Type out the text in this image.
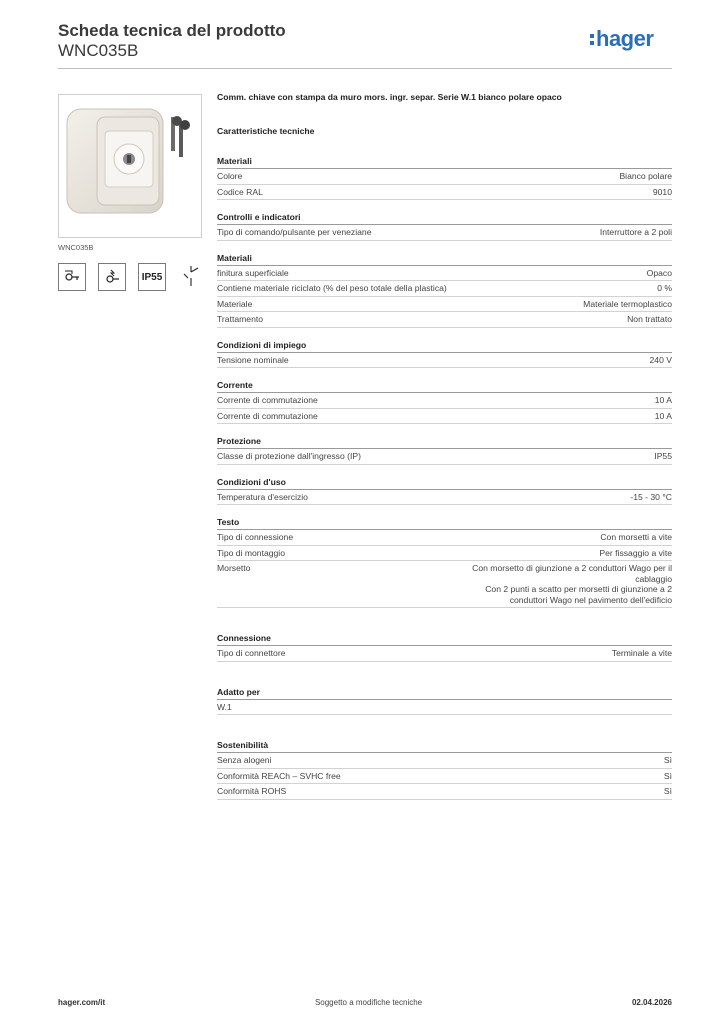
Scheda tecnica del prodotto
WNC035B	hager
WNC035B
IP55
Comm. chiave con stampa da muro mors. ingr. separ. Serie W.1 bianco polare opaco
Caratteristiche tecniche
Materiali
Colore	Bianco polare
Codice RAL	9010
Controlli e indicatori
Tipo di comando/pulsante per veneziane	Interruttore a 2 poli
Materiali
finitura superficiale	Opaco
Contiene materiale riciclato (% del peso totale della plastica)	0 %
Materiale	Materiale termoplastico
Trattamento	Non trattato
Condizioni di impiego
Tensione nominale	240 V
Corrente
Corrente di commutazione	10 A
Corrente di commutazione	10 A
Protezione
Classe di protezione dall'ingresso (IP)	IP55
Condizioni d'uso
Temperatura d'esercizio	-15 - 30 °C
Testo
Tipo di connessione	Con morsetti a vite
Tipo di montaggio	Per fissaggio a vite
Morsetto	Con morsetto di giunzione a 2 conduttori Wago per il cablaggio
Con 2 punti a scatto per morsetti di giunzione a 2 conduttori Wago nel pavimento dell'edificio
Connessione
Tipo di connettore	Terminale a vite
Adatto per
W.1
Sostenibilità
Senza alogeni	Sì
Conformità REACh – SVHC free	Sì
Conformità ROHS	Sì
hager.com/it	Soggetto a modifiche tecniche	02.04.2026
